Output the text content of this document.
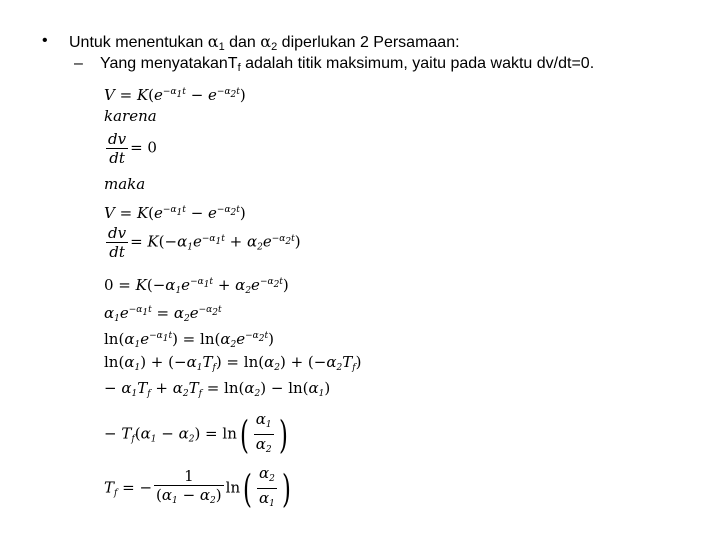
• Untuk menentukan $\alpha_1$ dan $\alpha_2$ diperlukan 2 Persamaan:
– Yang menyatakanT$_f$ adalah titik maksimum, yaitu pada waktu dv/dt=0.
$V = K(e^{-\alpha_1t} - e^{-\alpha_2t})$
karena
$\frac{dv}{dt} = 0$
maka
$V = K(e^{-\alpha_1t} - e^{-\alpha_2t})$
$\frac{dv}{dt} = K(-\alpha_1e^{-\alpha_1t} + \alpha_2e^{-\alpha_2t})$
$0 = K(-\alpha_1e^{-\alpha_1t} + \alpha_2e^{-\alpha_2t})$
$\alpha_1e^{-\alpha_1t} = \alpha_2e^{-\alpha_2t}$
$\ln(\alpha_1e^{-\alpha_1t}) = \ln(\alpha_2e^{-\alpha_2t})$
$\ln(\alpha_1) + (-\alpha_1T_f) = \ln(\alpha_2) + (-\alpha_2T_f)$
− $\alpha_1T_f + \alpha_2T_f = \ln(\alpha_2) - \ln(\alpha_1)$
− $T_f(\alpha_1 - \alpha_2) = \ln( \frac{\alpha_1}{\alpha_2}$ )
$T_f$ = − $\frac{1}{(\alpha_1 - \alpha_2)} \ln( \frac{\alpha_2}{\alpha_1}$ )
